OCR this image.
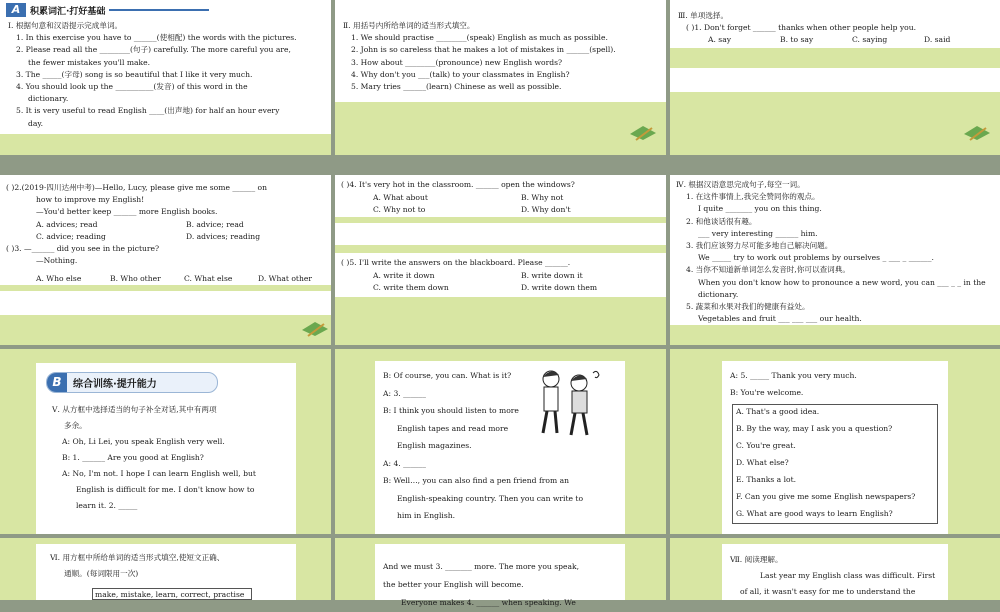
A	积累词汇·打好基础
Ⅰ. 根据句意和汉语提示完成单词。
1. In this exercise you have to ______(使相配) the words with the pictures.
2. Please read all the ________(句子) carefully. The more careful you are,
the fewer mistakes you'll make.
3. The _____(字母) song is so beautiful that I like it very much.
4. You should look up the __________(发音) of this word in the
dictionary.
5. It is very useful to read English ____(出声地) for half an hour every
day.
Ⅱ. 用括号内所给单词的适当形式填空。
1. We should practise ________(speak) English as much as possible.
2. John is so careless that he makes a lot of mistakes in ______(spell).
3. How about ________(pronounce) new English words?
4. Why don't you ___(talk) to your classmates in English?
5. Mary tries ______(learn) Chinese as well as possible.
Ⅲ. 单项选择。
( )1. Don't forget ______ thanks when other people help you.
A. say	B. to say	C. saying	D. said
( )2.(2019·四川达州中考)—Hello, Lucy, please give me some ______ on
how to improve my English!
—You'd better keep ______ more English books.
A. advices; read	B. advice; read
C. advice; reading	D. advices; reading
( )3. —______ did you see in the picture?
—Nothing.
A. Who else	B. Who other	C. What else	D. What other
( )4. It's very hot in the classroom. ______ open the windows?
A. What about	B. Why not
C. Why not to	D. Why don't
( )5. I'll write the answers on the blackboard. Please ______.
A. write it down	B. write down it
C. write them down	D. write down them
Ⅳ. 根据汉语意思完成句子,每空一词。
1. 在这件事情上,我完全赞同你的观点。
I quite _______ you on this thing.
2. 和他谈话很有趣。
___ very interesting ______ him.
3. 我们应该努力尽可能多地自己解决问题。
We _____ try to work out problems by ourselves _ ___ _ ______.
4. 当你不知道新单词怎么发音时,你可以查词典。
When you don't know how to pronounce a new word, you can ___ _ _ in the
dictionary.
5. 蔬菜和水果对我们的健康有益处。
Vegetables and fruit ___ ___ ___ our health.
B	综合训练·提升能力
Ⅴ. 从方框中选择适当的句子补全对话,其中有两项
多余。
A: Oh, Li Lei, you speak English very well.
B: 1. ______ Are you good at English?
A: No, I'm not. I hope I can learn English well, but
English is difficult for me. I don't know how to
learn it. 2. _____
B: Of course, you can. What is it?
A: 3. ______
B: I think you should listen to more
English tapes and read more
English magazines.
A: 4. ______
B: Well…, you can also find a pen friend from an
English-speaking country. Then you can write to
him in English.
A: 5. _____ Thank you very much.
B: You're welcome.
A. That's a good idea.
B. By the way, may I ask you a question?
C. You're great.
D. What else?
E. Thanks a lot.
F. Can you give me some English newspapers?
G. What are good ways to learn English?
Ⅵ. 用方框中所给单词的适当形式填空,使短文正确、
通顺。(每词限用一次)
make, mistake, learn, correct, practise
And we must 3. _______ more. The more you speak,
the better your English will become.
Everyone makes 4. ______ when speaking. We
Ⅶ. 阅读理解。
Last year my English class was difficult. First
of all, it wasn't easy for me to understand the
